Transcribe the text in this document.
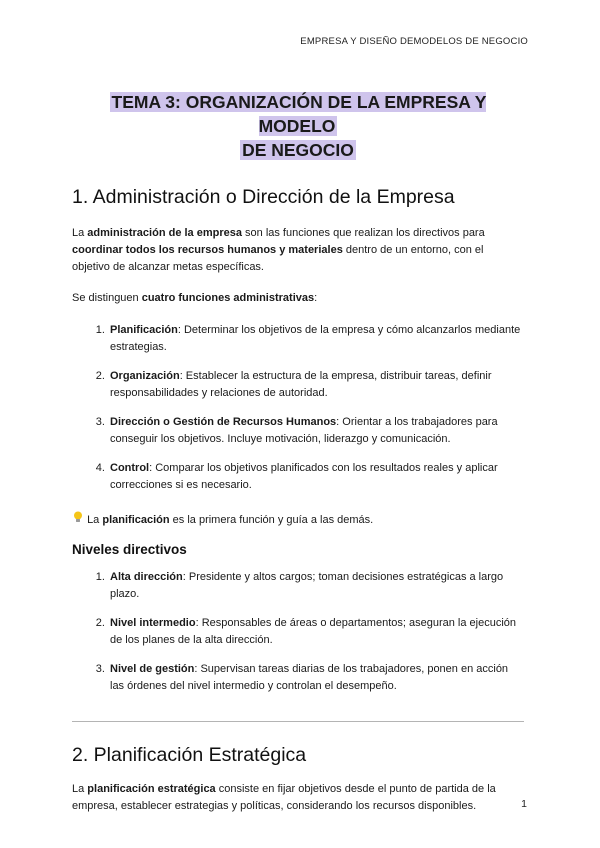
EMPRESA Y DISEÑO DEMODELOS DE NEGOCIO
TEMA 3: ORGANIZACIÓN DE LA EMPRESA Y MODELO
DE NEGOCIO
1. Administración o Dirección de la Empresa

La administración de la empresa son las funciones que realizan los directivos para coordinar todos los recursos humanos y materiales dentro de un entorno, con el objetivo de alcanzar metas específicas.

Se distinguen cuatro funciones administrativas:

1. Planificación: Determinar los objetivos de la empresa y cómo alcanzarlos mediante estrategias.
2. Organización: Establecer la estructura de la empresa, distribuir tareas, definir responsabilidades y relaciones de autoridad.
3. Dirección o Gestión de Recursos Humanos: Orientar a los trabajadores para conseguir los objetivos. Incluye motivación, liderazgo y comunicación.
4. Control: Comparar los objetivos planificados con los resultados reales y aplicar correcciones si es necesario.

La planificación es la primera función y guía a las demás.

Niveles directivos
1. Alta dirección: Presidente y altos cargos; toman decisiones estratégicas a largo plazo.
2. Nivel intermedio: Responsables de áreas o departamentos; aseguran la ejecución de los planes de la alta dirección.
3. Nivel de gestión: Supervisan tareas diarias de los trabajadores, ponen en acción las órdenes del nivel intermedio y controlan el desempeño.
2. Planificación Estratégica

La planificación estratégica consiste en fijar objetivos desde el punto de partida de la empresa, establecer estrategias y políticas, considerando los recursos disponibles.	1
